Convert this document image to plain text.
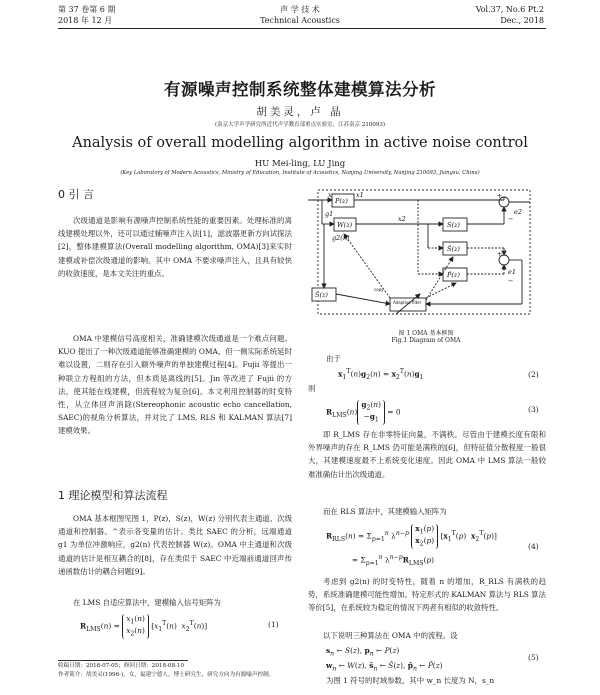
第 37 卷第 6 期
2018 年 12 月
声 学 技 术
Technical Acoustics
Vol.37, No.6 Pt.2
Dec., 2018
有源噪声控制系统整体建模算法分析
胡美灵，卢 晶
(南京大学声学研究所近代声学教育部重点实验室，江苏南京 210093)
Analysis of overall modelling algorithm in active noise control
HU Mei-ling, LU Jing
(Key Laboratory of Modern Acoustics, Ministry of Education, Institute of Acoustics, Nanjing University, Nanjing 210093, Jiangsu, China)
0 引 言

次级通道是影响有源噪声控制系统性能的重要因素。处理标准的离线建模处理以外，还可以通过辅噪声注入法[1]，滤波器更新方向试探法[2]，整体建模算法(Overall modelling algorithm, OMA)[3]来实时建模或补偿次级通道的影响。其中 OMA 不要求噪声注入，且具有较快的收敛速度，是本文关注的重点。

OMA 中建模信号高度相关，准确建模次级通道是一个难点问题。KUO 提出了一种次级通道能够准确建模的 OMA，但一侧实际系统延时难以设置，二则存在引入额外噪声的单独建模过程[4]。Fujii 等提出一种联立方程组的方法，但本质是离线的[5]。Jin 等改进了 Fujii 的方法，使其能在线建模，但流程较为复杂[6]。本文利用控制器的时变特性，从立体回声消除(Stereophonic acoustic echo cancellation, SAEC)的视角分析算法，并对比了 LMS, RLS 和 KALMAN 算法[7]建模效果。

1 理论模型和算法流程

OMA 基本框图见图 1，P(z)，S(z)，W(z) 分别代表主通道、次级通道和控制器。^表示各变量的估计。类比 SAEC 的分析，远端通道 g1 为单位冲激响应，g2(n) 代表控制器 W(z)。OMA 中主通道和次级通道的估计是相互耦合的[8]，存在类似于 SAEC 中近端前通道回声传递函数估计的耦合问题[9]。

在 LMS 自适应算法中，建模输入信号矩阵为

$R_{LMS}(n) = x_1(n)$
$x_2(n)$ [$x_1^T(n)$  $x_2^T(n)$]	(1)
收稿日期：2018-07-05；修回日期：2018-08-10
作者简介：胡美灵(1996-)，女，福建宁德人，博士研究生，研究方向为有源噪声控制。
P(z)
W(z)	S(z)
Ŝ(z)
P̂(z)
Ŝ(z)
x	x1
x2
g1
g2(n)
e2
e1
+
−
+
−
Adaptive filter
copy
图 1 OMA 基本框图
Fig.1 Diagram of OMA
由于
$x_1^T(n)g_2(n) = x_2^T(n)g_1$	(2)
则
$R_{LMS}(n)g_2(n)$
$-g_1 = 0$	(3)

即 R_LMS 存在非零特征向量，不满秩。尽管由于建模长度有限和外界噪声的存在 R_LMS 仍可能是满秩的[6]，但特征值分散程度一般很大，其建模速度最不上系统变化速度。因此 OMA 中 LMS 算法一般较难准确估计出次级通道。

而在 RLS 算法中，其建模输入矩阵为

$R_{RLS}(n) = \Sigma_{p=1}^n$ $\lambda^{n-p}$ $x_1(p)$
$x_2(p)$ [$x_1^T(p)$  $x_2^T(p)$]
= $\Sigma_{p=1}^n$ $\lambda^{n-p}R_{LMS}(p)$
(4)

考虑到 g2(n) 的时变特性，随着 n 的增加，R_RLS 有满秩的趋势，系统准确建模可能性增加。特定形式的 KALMAN 算法与 RLS 算法等价[5]，在系统较为稳定的情况下两者有相似的收敛特性。

以下说明三种算法在 OMA 中的流程。设

$s_n$ ← S(z), $p_n$ ← P(z)
$w_n$ ← W(z), $ŝ_n$ ← Ŝ(z), $p̂_n$ ← P̂(z)
(5)
为图 1 符号的时域参数，其中 w_n 长度为 N，s_n
